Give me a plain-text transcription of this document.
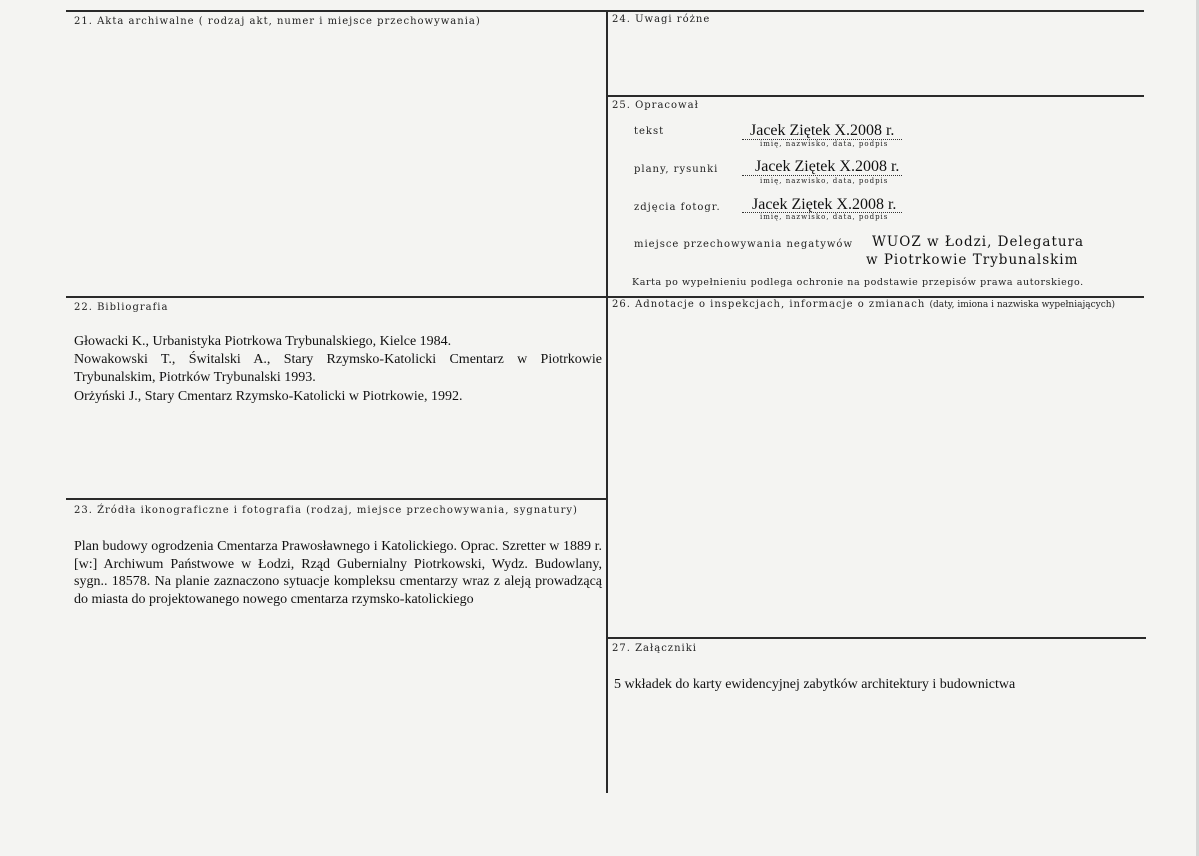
21. Akta archiwalne ( rodzaj akt, numer i miejsce przechowywania)	24. Uwagi różne
25. Opracował
tekst	Jacek Ziętek X.2008 r.
imię, nazwisko, data, podpis
plany, rysunki Jacek Ziętek X.2008 r.
imię, nazwisko, data, podpis
zdjęcia fotogr. Jacek Ziętek X.2008 r.
imię, nazwisko, data, podpis
miejsce przechowywania negatywów WUOZ w Łodzi, Delegatura
w Piotrkowie Trybunalskim
Karta po wypełnieniu podlega ochronie na podstawie przepisów prawa autorskiego.
22. Bibliografia
Głowacki K., Urbanistyka Piotrkowa Trybunalskiego, Kielce 1984.
Nowakowski T., Świtalski A., Stary Rzymsko-Katolicki Cmentarz w Piotrkowie Trybunalskim, Piotrków Trybunalski 1993.
Orżyński J., Stary Cmentarz Rzymsko-Katolicki w Piotrkowie, 1992.
26. Adnotacje o inspekcjach, informacje o zmianach (daty, imiona i nazwiska wypełniających)
23. Źródła ikonograficzne i fotografia (rodzaj, miejsce przechowywania, sygnatury)
Plan budowy ogrodzenia Cmentarza Prawosławnego i Katolickiego. Oprac. Szretter w 1889 r. [w:] Archiwum Państwowe w Łodzi, Rząd Gubernialny Piotrkowski, Wydz. Budowlany, sygn.. 18578. Na planie zaznaczono sytuacje kompleksu cmentarzy wraz z aleją prowadzącą do miasta do projektowanego nowego cmentarza rzymsko-katolickiego
27. Załączniki
5 wkładek do karty ewidencyjnej zabytków architektury i budownictwa
